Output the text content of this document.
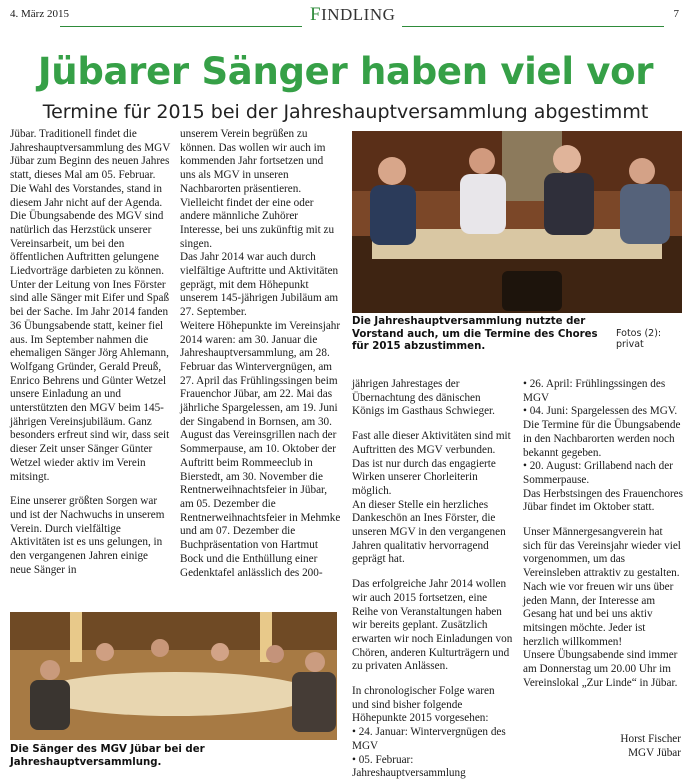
4. März 2015	FINDLING	7
Jübarer Sänger haben viel vor
Termine für 2015 bei der Jahreshauptversammlung abgestimmt

Jübar. Traditionell findet die Jahreshauptversammlung des MGV Jübar zum Beginn des neuen Jahres statt, dieses Mal am 05. Februar.

Die Wahl des Vorstandes, stand in diesem Jahr nicht auf der Agenda.

Die Übungsabende des MGV sind natürlich das Herzstück unserer Vereinsarbeit, um bei den öffentlichen Auftritten gelungene Liedvorträge darbieten zu können. Unter der Leitung von Ines Förster sind alle Sänger mit Eifer und Spaß bei der Sache. Im Jahr 2014 fanden 36 Übungsabende statt, keiner fiel aus. Im September nahmen die ehemaligen Sänger Jörg Ahlemann, Wolfgang Gründer, Gerald Preuß, Enrico Behrens und Günter Wetzel unsere Einladung an und unterstützten den MGV beim 145-jährigen Vereinsjubiläum. Ganz besonders erfreut sind wir, dass seit dieser Zeit unser Sänger Günter Wetzel wieder aktiv im Verein mitsingt.

Eine unserer größten Sorgen war und ist der Nachwuchs in unserem Verein. Durch vielfältige Aktivitäten ist es uns gelungen, in den vergangenen Jahren einige neue Sänger in

unserem Verein begrüßen zu können. Das wollen wir auch im kommenden Jahr fortsetzen und uns als MGV in unseren Nachbarorten präsentieren. Vielleicht findet der eine oder andere männliche Zuhörer Interesse, bei uns zukünftig mit zu singen.

Das Jahr 2014 war auch durch vielfältige Auftritte und Aktivitäten geprägt, mit dem Höhepunkt unserem 145-jährigen Jubiläum am 27. September.

Weitere Höhepunkte im Vereinsjahr 2014 waren: am 30. Januar die Jahreshauptversammlung, am 28. Februar das Wintervergnügen, am 27. April das Frühlingssingen beim Frauenchor Jübar, am 22. Mai das jährliche Spargelessen, am 19. Juni der Singabend in Bornsen, am 30. August das Vereinsgrillen nach der Sommerpause, am 10. Oktober der Auftritt beim Rommeeclub in Bierstedt, am 30. November die Rentnerweihnachtsfeier in Jübar, am 05. Dezember die Rentnerweihnachtsfeier in Mehmke und am 07. Dezember die Buchpräsentation von Hartmut Bock und die Enthüllung einer Gedenktafel anlässlich des 200-

Die Jahreshauptversammlung nutzte der Vorstand auch, um die Termine des Chores für 2015 abzustimmen.
Fotos (2): privat

jährigen Jahrestages der Übernachtung des dänischen Königs im Gasthaus Schwieger.

Fast alle dieser Aktivitäten sind mit Auftritten des MGV verbunden. Das ist nur durch das engagierte Wirken unserer Chorleiterin möglich.

An dieser Stelle ein herzliches Dankeschön an Ines Förster, die unseren MGV in den vergangenen Jahren qualitativ hervorragend geprägt hat.

Das erfolgreiche Jahr 2014 wollen wir auch 2015 fortsetzen, eine Reihe von Veranstaltungen haben wir bereits geplant. Zusätzlich erwarten wir noch Einladungen von Chören, anderen Kulturträgern und zu privaten Anlässen.

In chronologischer Folge waren und sind bisher folgende Höhepunkte 2015 vorgesehen:

• 24. Januar: Wintervergnügen des MGV
• 05. Februar: Jahreshauptversammlung
• 26. April: Frühlingssingen des MGV
• 04. Juni: Spargelessen des MGV.

Die Termine für die Übungsabende in den Nachbarorten werden noch bekannt gegeben.

• 20. August: Grillabend nach der Sommerpause.

Das Herbstsingen des Frauenchores Jübar findet im Oktober statt.

Unser Männergesangverein hat sich für das Vereinsjahr wieder viel vorgenommen, um das Vereinsleben attraktiv zu gestalten. Nach wie vor freuen wir uns über jeden Mann, der Interesse am Gesang hat und bei uns aktiv mitsingen möchte. Jeder ist herzlich willkommen!

Unsere Übungsabende sind immer am Donnerstag um 20.00 Uhr im Vereinslokal „Zur Linde“ in Jübar.

Die Sänger des MGV Jübar bei der Jahreshauptversammlung.
Horst Fischer
MGV Jübar
